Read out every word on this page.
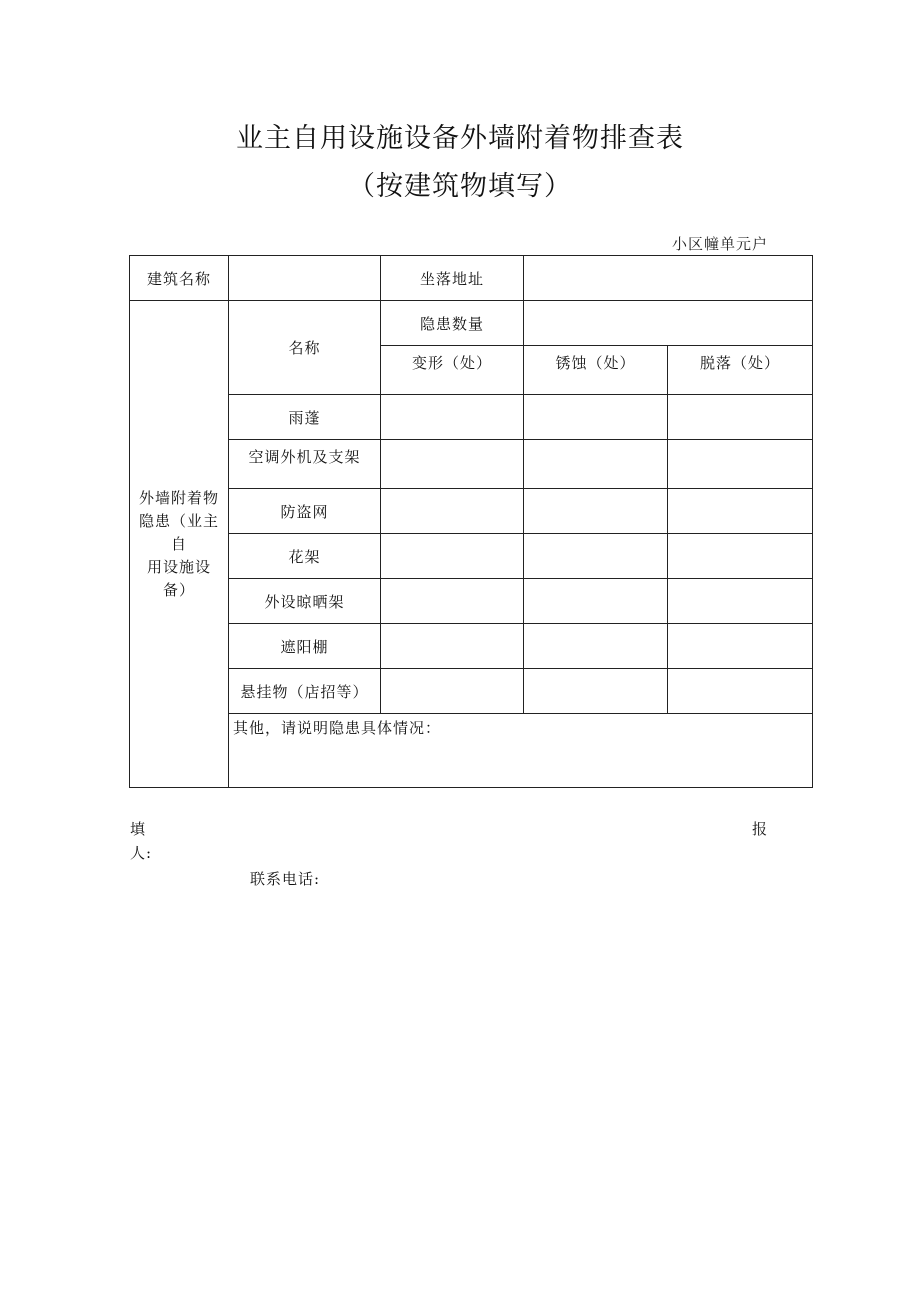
业主自用设施设备外墙附着物排查表
（按建筑物填写）
小区幢单元户
建筑名称		坐落地址		

外墙附着物
隐患（业主
自
用设施设
备）	名称	隐患数量		
		变形（处）	锈蚀（处）	脱落（处）
	雨蓬			
	空调外机及支架			
	防盗网			
	花架			
	外设晾晒架			
	遮阳棚			
	悬挂物（店招等）			
	其他，请说明隐患具体情况：			
填	报
人:
联系电话:
